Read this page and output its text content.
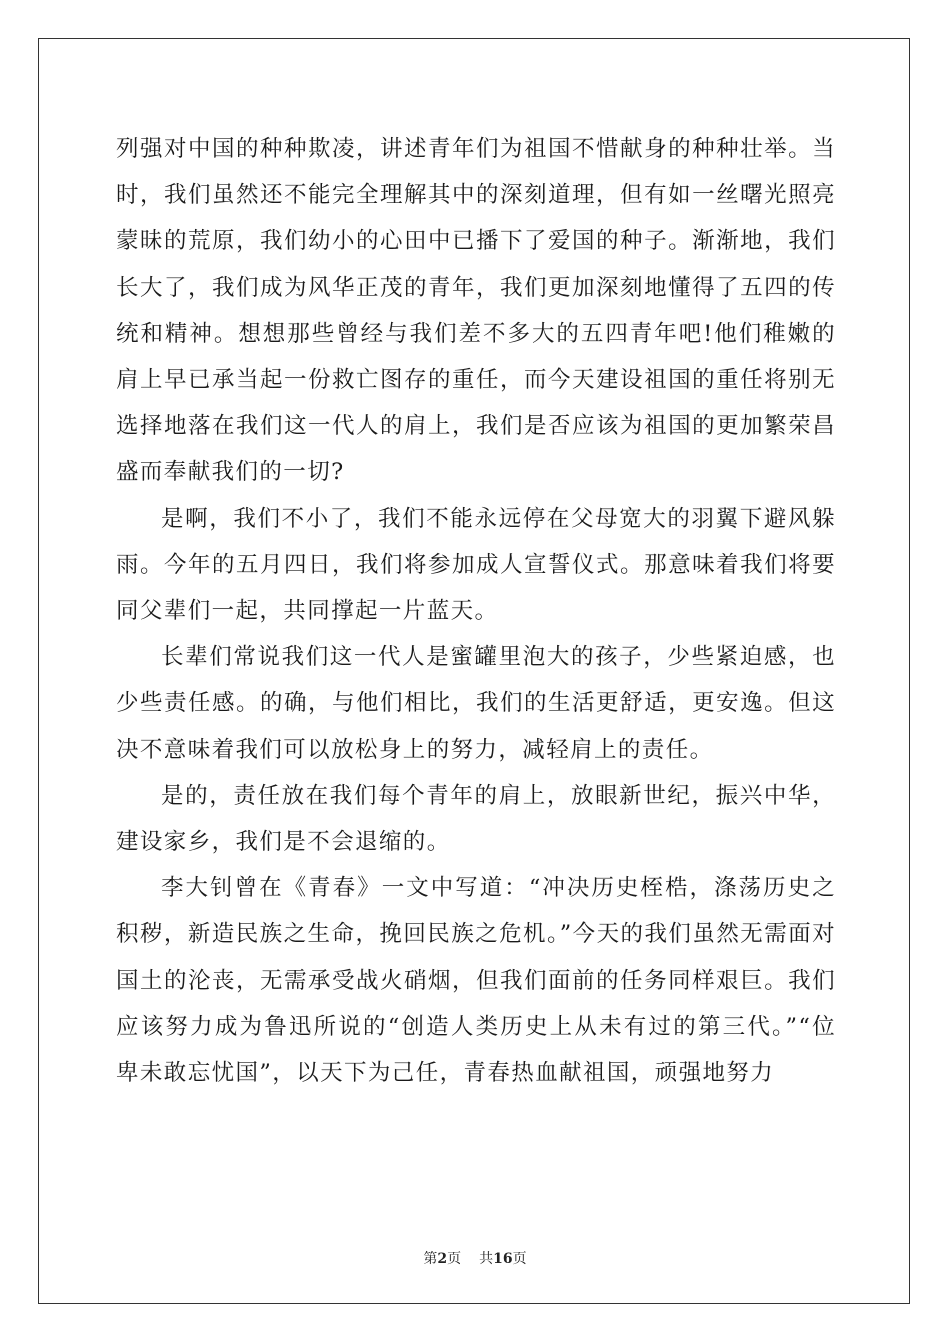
列强对中国的种种欺凌，讲述青年们为祖国不惜献身的种种壮举。当时，我们虽然还不能完全理解其中的深刻道理，但有如一丝曙光照亮蒙昧的荒原，我们幼小的心田中已播下了爱国的种子。渐渐地，我们长大了，我们成为风华正茂的青年，我们更加深刻地懂得了五四的传统和精神。想想那些曾经与我们差不多大的五四青年吧!他们稚嫩的肩上早已承当起一份救亡图存的重任，而今天建设祖国的重任将别无选择地落在我们这一代人的肩上，我们是否应该为祖国的更加繁荣昌盛而奉献我们的一切?

是啊，我们不小了，我们不能永远停在父母宽大的羽翼下避风躲雨。今年的五月四日，我们将参加成人宣誓仪式。那意味着我们将要同父辈们一起，共同撑起一片蓝天。

长辈们常说我们这一代人是蜜罐里泡大的孩子，少些紧迫感，也少些责任感。的确，与他们相比，我们的生活更舒适，更安逸。但这决不意味着我们可以放松身上的努力，减轻肩上的责任。

是的，责任放在我们每个青年的肩上，放眼新世纪，振兴中华，建设家乡，我们是不会退缩的。

李大钊曾在《青春》一文中写道：“冲决历史桎梏，涤荡历史之积秽，新造民族之生命，挽回民族之危机。”今天的我们虽然无需面对国土的沦丧，无需承受战火硝烟，但我们面前的任务同样艰巨。我们应该努力成为鲁迅所说的“创造人类历史上从未有过的第三代。”“位卑未敢忘忧国”，以天下为己任，青春热血献祖国，顽强地努力

第2页 共16页
